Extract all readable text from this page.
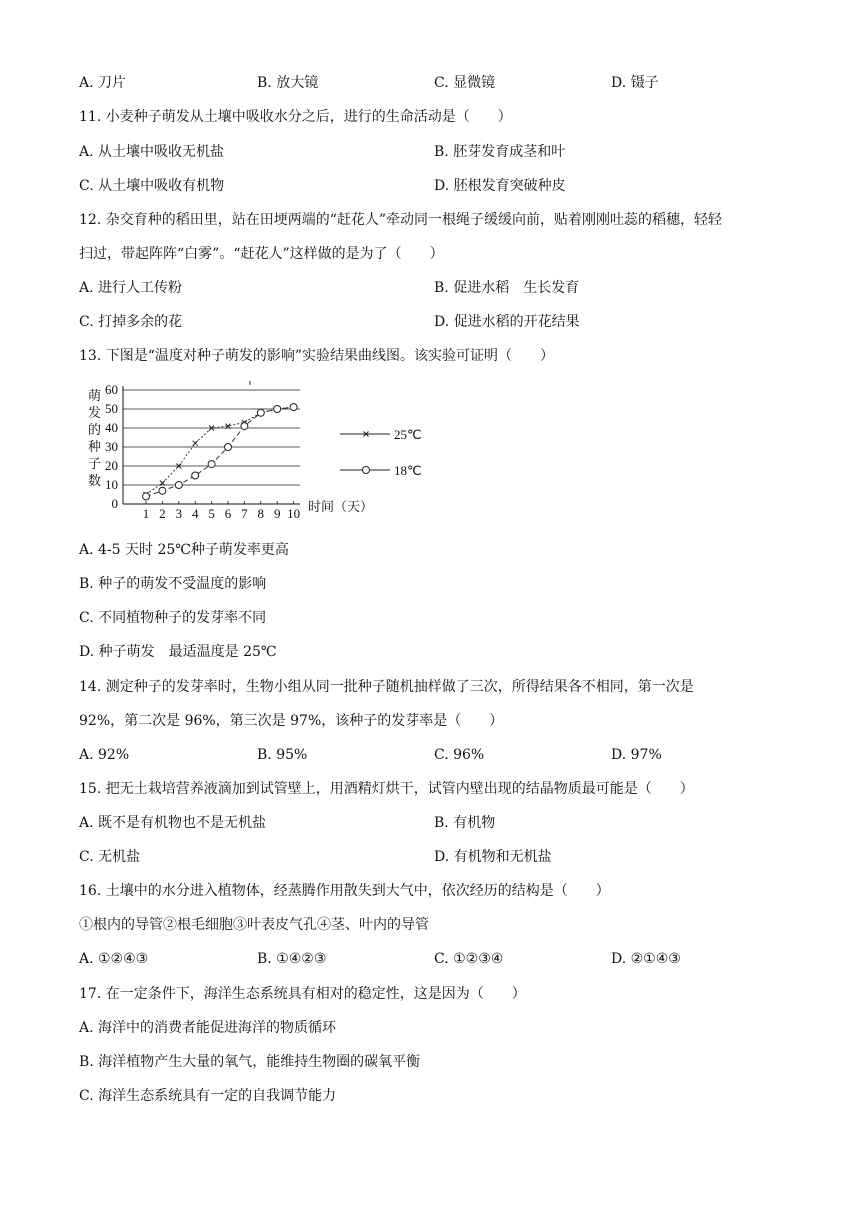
A. 刀片	B. 放大镜	C. 显微镜	D. 镊子
11. 小麦种子萌发从土壤中吸收水分之后，进行的生命活动是（　　）
A. 从土壤中吸收无机盐	B. 胚芽发育成茎和叶
C. 从土壤中吸收有机物	D. 胚根发育突破种皮
12. 杂交育种的稻田里，站在田埂两端的“赶花人”牵动同一根绳子缓缓向前，贴着刚刚吐蕊的稻穗，轻轻
扫过，带起阵阵“白雾”。“赶花人”这样做的是为了（　　）
A. 进行人工传粉	B. 促进水稻　生长发育
C. 打掉多余的花	D. 促进水稻的开花结果
13. 下图是“温度对种子萌发的影响”实验结果曲线图。该实验可证明（　　）
萌
发
的
种
子
数
0
10
20
30
40
50
60
1 2 3 4 5 6 7 8 9 10 时间（天）
25℃
18℃
A. 4-5 天时 25℃种子萌发率更高
B. 种子的萌发不受温度的影响
C. 不同植物种子的发芽率不同
D. 种子萌发　最适温度是 25℃
14. 测定种子的发芽率时，生物小组从同一批种子随机抽样做了三次，所得结果各不相同，第一次是
92%，第二次是 96%，第三次是 97%，该种子的发芽率是（　　）
A. 92%	B. 95%	C. 96%	D. 97%
15. 把无土栽培营养液滴加到试管壁上，用酒精灯烘干，试管内壁出现的结晶物质最可能是（　　）
A. 既不是有机物也不是无机盐	B. 有机物
C. 无机盐	D. 有机物和无机盐
16. 土壤中的水分进入植物体，经蒸腾作用散失到大气中，依次经历的结构是（　　）
①根内的导管②根毛细胞③叶表皮气孔④茎、叶内的导管
A. ①②④③	B. ①④②③	C. ①②③④	D. ②①④③
17. 在一定条件下，海洋生态系统具有相对的稳定性，这是因为（　　）
A. 海洋中的消费者能促进海洋的物质循环
B. 海洋植物产生大量的氧气，能维持生物圈的碳氧平衡
C. 海洋生态系统具有一定的自我调节能力
